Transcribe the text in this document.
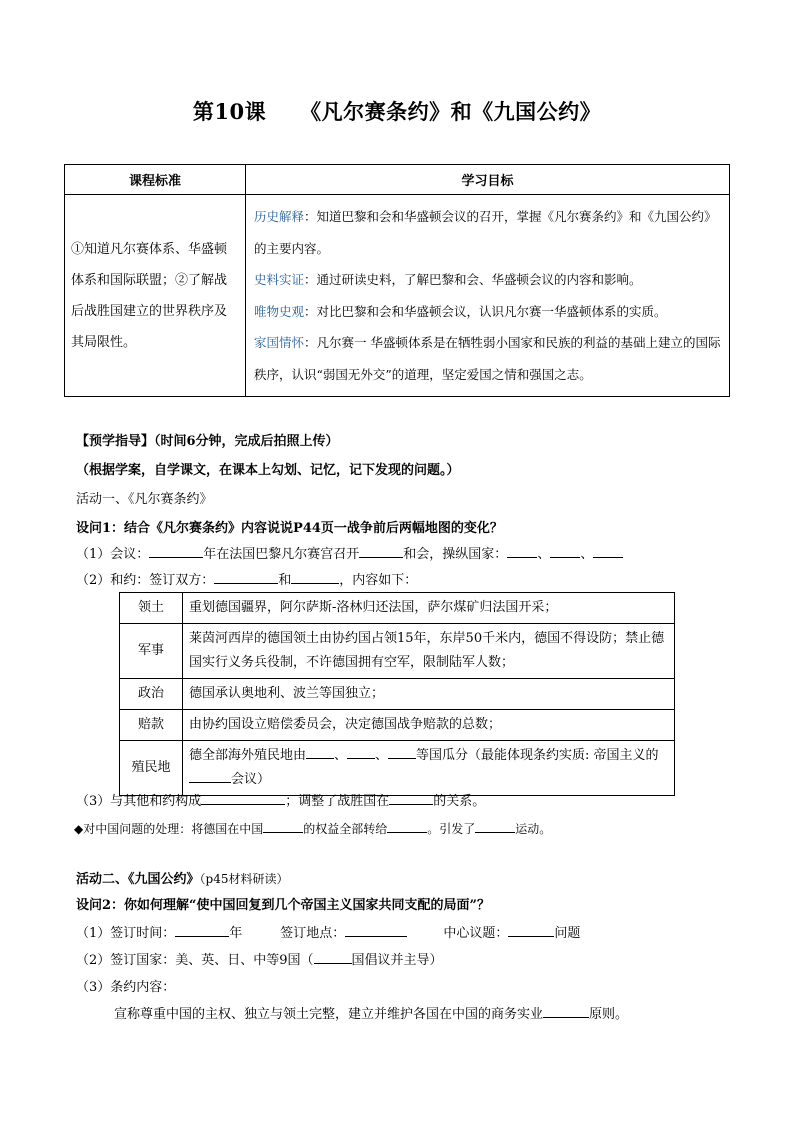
第10课 《凡尔赛条约》和《九国公约》
课程标准	学习目标
①知道凡尔赛体系、华盛顿体系和国际联盟；②了解战后战胜国建立的世界秩序及其局限性。	历史解释：知道巴黎和会和华盛顿会议的召开，掌握《凡尔赛条约》和《九国公约》的主要内容。
史料实证：通过研读史料，了解巴黎和会、华盛顿会议的内容和影响。
唯物史观：对比巴黎和会和华盛顿会议，认识凡尔赛一华盛顿体系的实质。
家国情怀：凡尔赛一 华盛顿体系是在牺牲弱小国家和民族的利益的基础上建立的国际秩序，认识“弱国无外交”的道理，坚定爱国之情和强国之志。
【预学指导】（时间6分钟，完成后拍照上传）
（根据学案，自学课文，在课本上勾划、记忆，记下发现的问题。）
活动一、《凡尔赛条约》
设问1：结合《凡尔赛条约》内容说说P44页一战争前后两幅地图的变化？
（1）会议：	年在法国巴黎凡尔赛宫召开	和会，操纵国家： 、 、
（2）和约：签订双方：	和	，内容如下：
领土	重划德国疆界，阿尔萨斯-洛林归还法国，萨尔煤矿归法国开采；
军事	莱茵河西岸的德国领土由协约国占领15年，东岸50千米内，德国不得设防；禁止德国实行义务兵役制，不许德国拥有空军，限制陆军人数；
政治	德国承认奥地利、波兰等国独立；
赔款	由协约国设立赔偿委员会，决定德国战争赔款的总数；
殖民地	德全部海外殖民地由 、 、 等国瓜分（最能体现条约实质: 帝国主义的会议）
（3）与其他和约构成	；调整了战胜国在	的关系。
◆对中国问题的处理：将德国在中国	的权益全部转给	。引发了	运动。
活动二、《九国公约》（p45材料研读）
设问2：你如何理解“使中国回复到几个帝国主义国家共同支配的局面”？
（1）签订时间：	年	签订地点：	中心议题：	问题
（2）签订国家：美、英、日、中等9国（	国倡议并主导）
（3）条约内容：
宣称尊重中国的主权、独立与领土完整，建立并维护各国在中国的商务实业	原则。
